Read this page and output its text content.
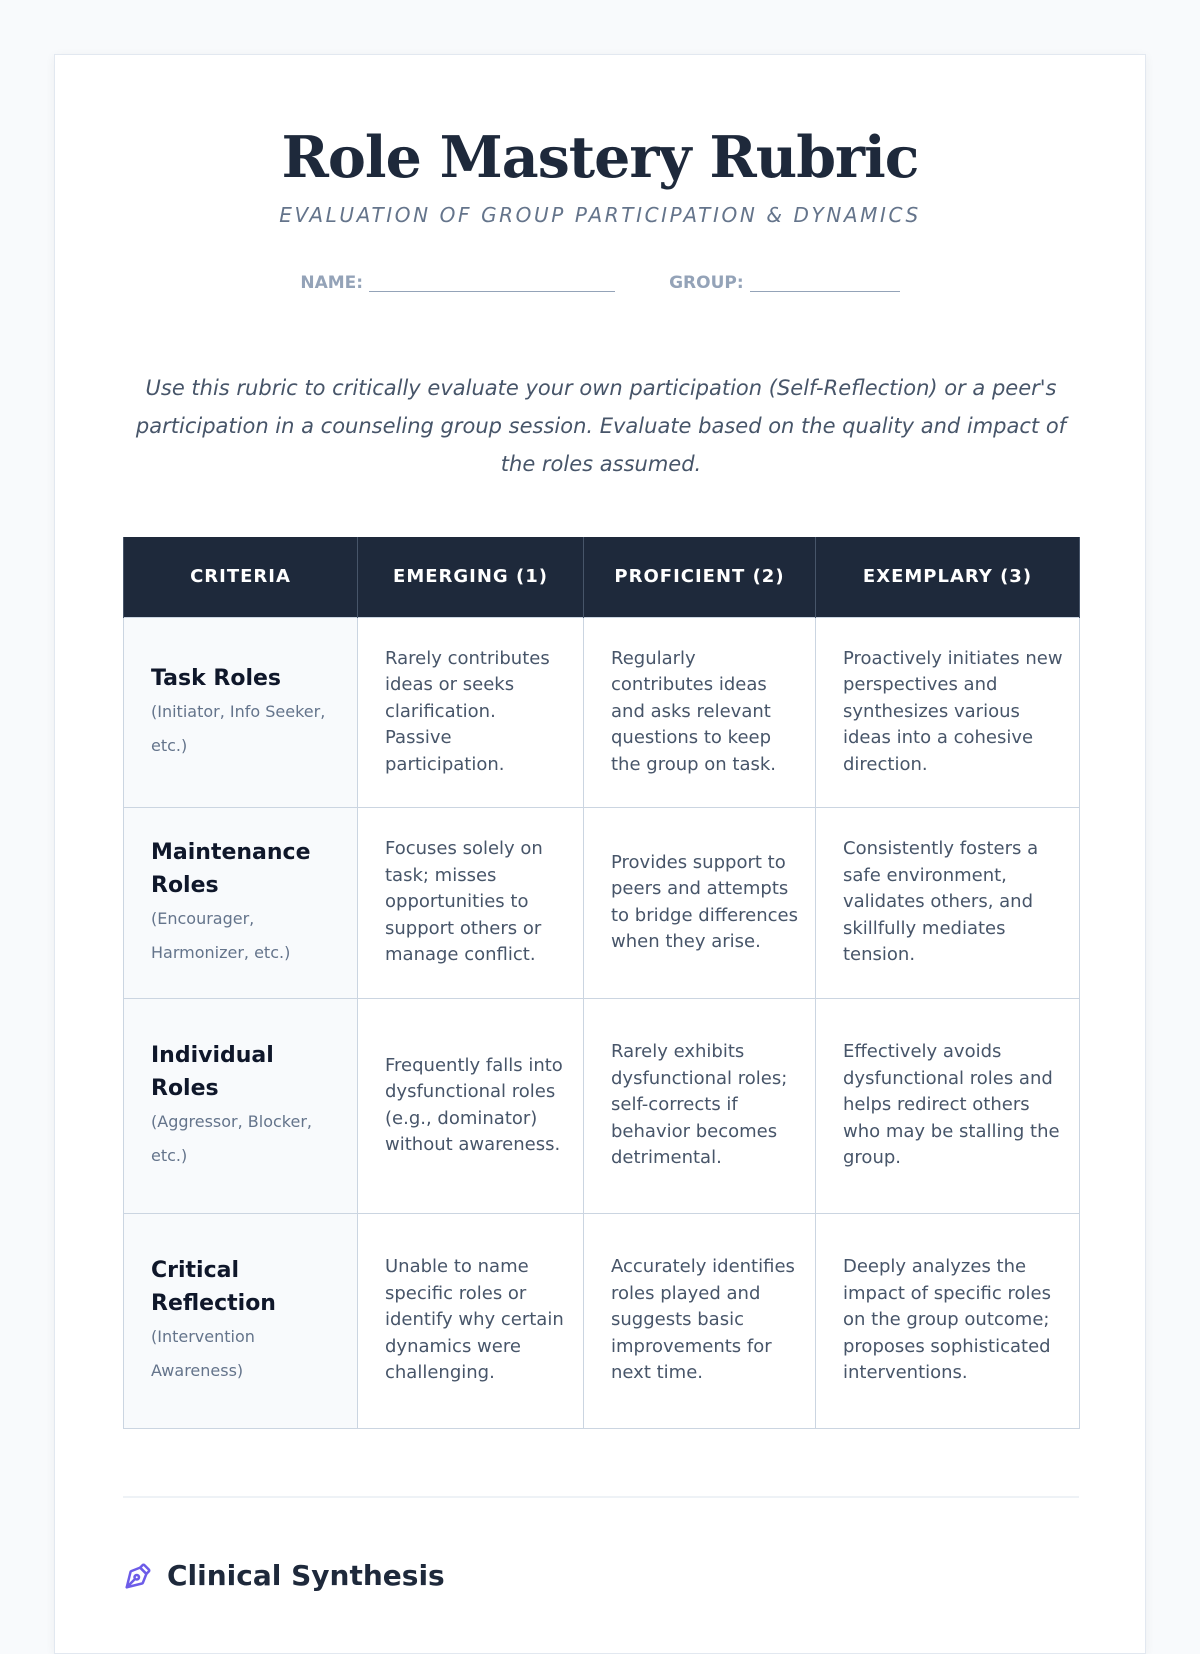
Role Mastery Rubric
EVALUATION OF GROUP PARTICIPATION & DYNAMICS
NAME:	GROUP:

Use this rubric to critically evaluate your own participation (Self-Reflection) or a peer's participation in a counseling group session. Evaluate based on the quality and impact of the roles assumed.

CRITERIA	EMERGING (1)	PROFICIENT (2)	EXEMPLARY (3)

Task Roles
(Initiator, Info Seeker, etc.)	Rarely contributes ideas or seeks clarification. Passive participation.	Regularly contributes ideas and asks relevant questions to keep the group on task.	Proactively initiates new perspectives and synthesizes various ideas into a cohesive direction.

Maintenance Roles
(Encourager, Harmonizer, etc.)	Focuses solely on task; misses opportunities to support others or manage conflict.	Provides support to peers and attempts to bridge differences when they arise.	Consistently fosters a safe environment, validates others, and skillfully mediates tension.

Individual Roles
(Aggressor, Blocker, etc.)	Frequently falls into dysfunctional roles (e.g., dominator) without awareness.	Rarely exhibits dysfunctional roles; self-corrects if behavior becomes detrimental.	Effectively avoids dysfunctional roles and helps redirect others who may be stalling the group.

Critical Reflection
(Intervention Awareness)	Unable to name specific roles or identify why certain dynamics were challenging.	Accurately identifies roles played and suggests basic improvements for next time.	Deeply analyzes the impact of specific roles on the group outcome; proposes sophisticated interventions.
Clinical Synthesis
